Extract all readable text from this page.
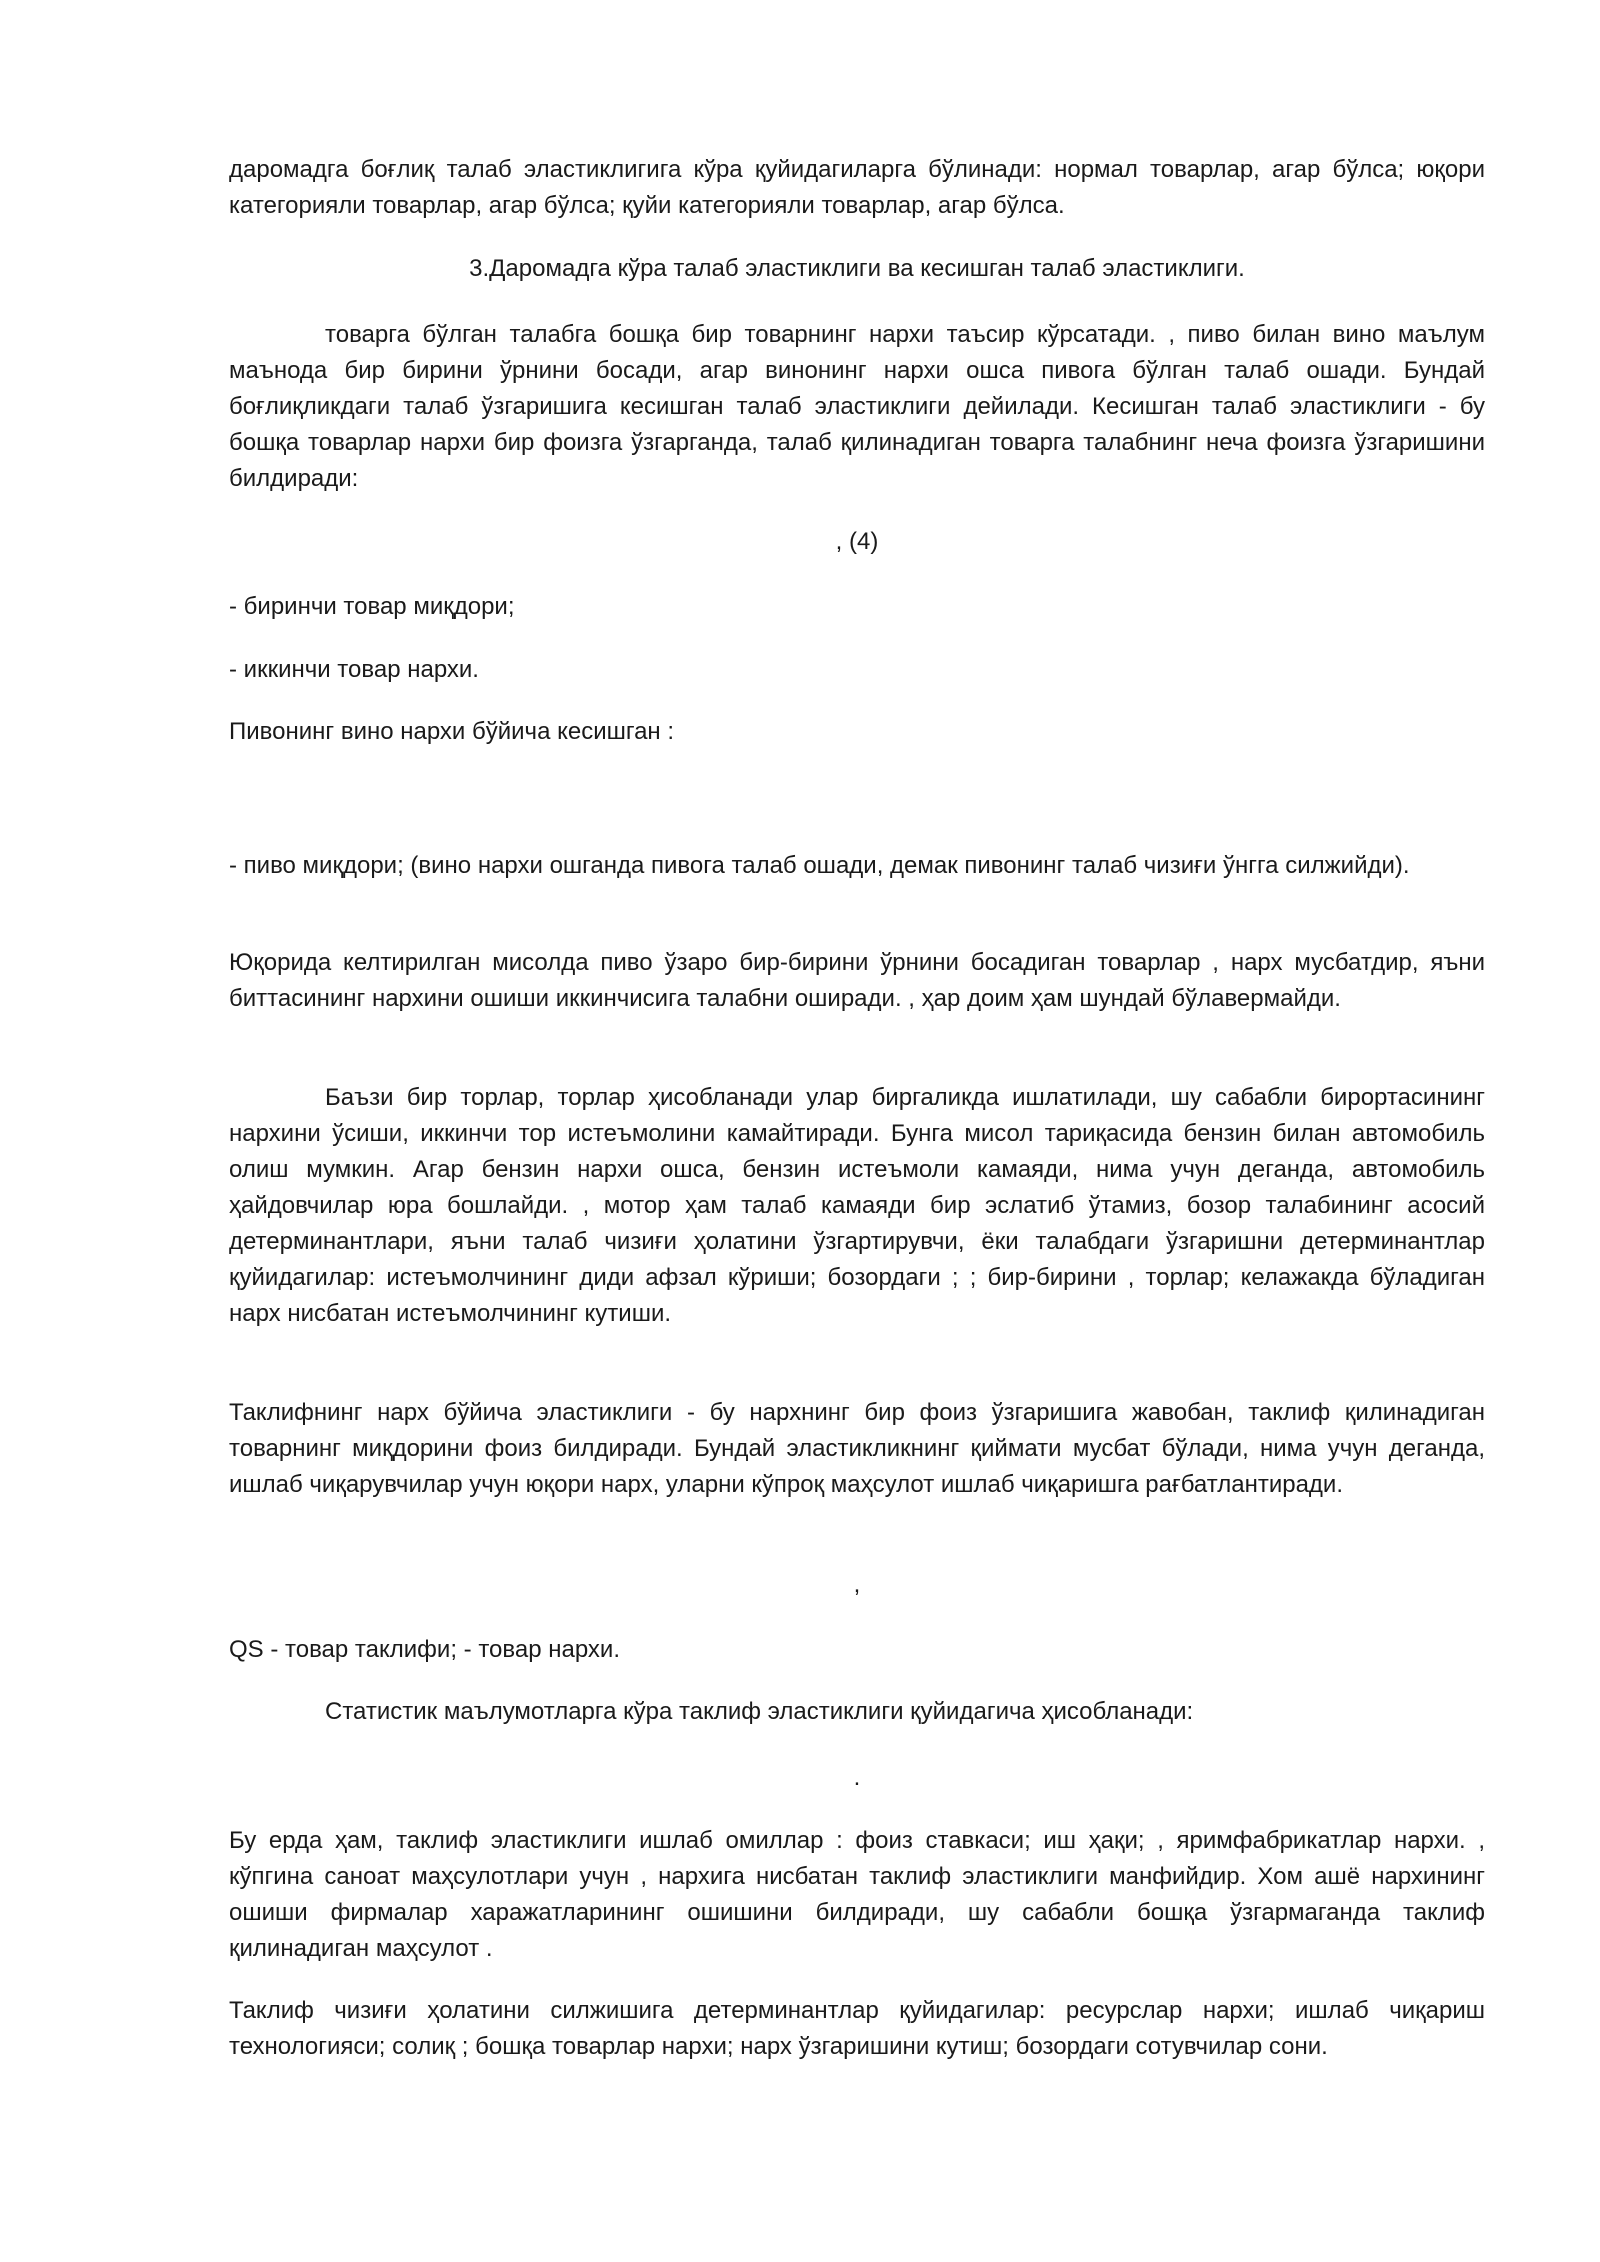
даромадга боғлиқ талаб эластиклигига кўра қуйидагиларга бўлинади: нормал товарлар, агар бўлса; юқори категорияли товарлар, агар бўлса; қуйи категорияли товарлар, агар бўлса.

3.Даромадга кўра талаб эластиклиги ва кесишган талаб эластиклиги.

товарга бўлган талабга бошқа бир товарнинг нархи таъсир кўрсатади. , пиво билан вино маълум маънода бир бирини ўрнини босади, агар винонинг нархи ошса пивога бўлган талаб ошади. Бундай боғлиқликдаги талаб ўзгаришига кесишган талаб эластиклиги дейилади. Кесишган талаб эластиклиги - бу бошқа товарлар нархи бир фоизга ўзгарганда, талаб қилинадиган товарга талабнинг неча фоизга ўзгаришини билдиради:

, (4)

- биринчи товар миқдори;

- иккинчи товар нархи.

Пивонинг вино нархи бўйича кесишган :

- пиво миқдори; (вино нархи ошганда пивога талаб ошади, демак пивонинг талаб чизиғи ўнгга силжийди).

Юқорида келтирилган мисолда пиво ўзаро бир-бирини ўрнини босадиган товарлар , нарх мусбатдир, яъни биттасининг нархини ошиши иккинчисига талабни оширади. , ҳар доим ҳам шундай бўлавермайди.

Баъзи бир торлар, торлар ҳисобланади улар биргаликда ишлатилади, шу сабабли бирортасининг нархини ўсиши, иккинчи тор истеъмолини камайтиради. Бунга мисол тариқасида бензин билан автомобиль олиш мумкин. Агар бензин нархи ошса, бензин истеъмоли камаяди, нима учун деганда, автомобиль ҳайдовчилар юра бошлайди. , мотор ҳам талаб камаяди бир эслатиб ўтамиз, бозор талабининг асосий детерминантлари, яъни талаб чизиғи ҳолатини ўзгартирувчи, ёки талабдаги ўзгаришни детерминантлар қуйидагилар: истеъмолчининг диди афзал кўриши; бозордаги ; ; бир-бирини , торлар; келажакда бўладиган нарх нисбатан истеъмолчининг кутиши.

Таклифнинг нарх бўйича эластиклиги - бу нархнинг бир фоиз ўзгаришига жавобан, таклиф қилинадиган товарнинг миқдорини фоиз билдиради. Бундай эластикликнинг қиймати мусбат бўлади, нима учун деганда, ишлаб чиқарувчилар учун юқори нарх, уларни кўпроқ маҳсулот ишлаб чиқаришга рағбатлантиради.

,

QS - товар таклифи; - товар нархи.

Статистик маълумотларга кўра таклиф эластиклиги қуйидагича ҳисобланади:

.

Бу ерда ҳам, таклиф эластиклиги ишлаб омиллар : фоиз ставкаси; иш ҳақи; , яримфабрикатлар нархи. , кўпгина саноат маҳсулотлари учун , нархига нисбатан таклиф эластиклиги манфийдир. Хом ашё нархининг ошиши фирмалар харажатларининг ошишини билдиради, шу сабабли бошқа ўзгармаганда таклиф қилинадиган маҳсулот .

Таклиф чизиғи ҳолатини силжишига детерминантлар қуйидагилар: ресурслар нархи; ишлаб чиқариш технологияси; солиқ ; бошқа товарлар нархи; нарх ўзгаришини кутиш; бозордаги сотувчилар сони.
